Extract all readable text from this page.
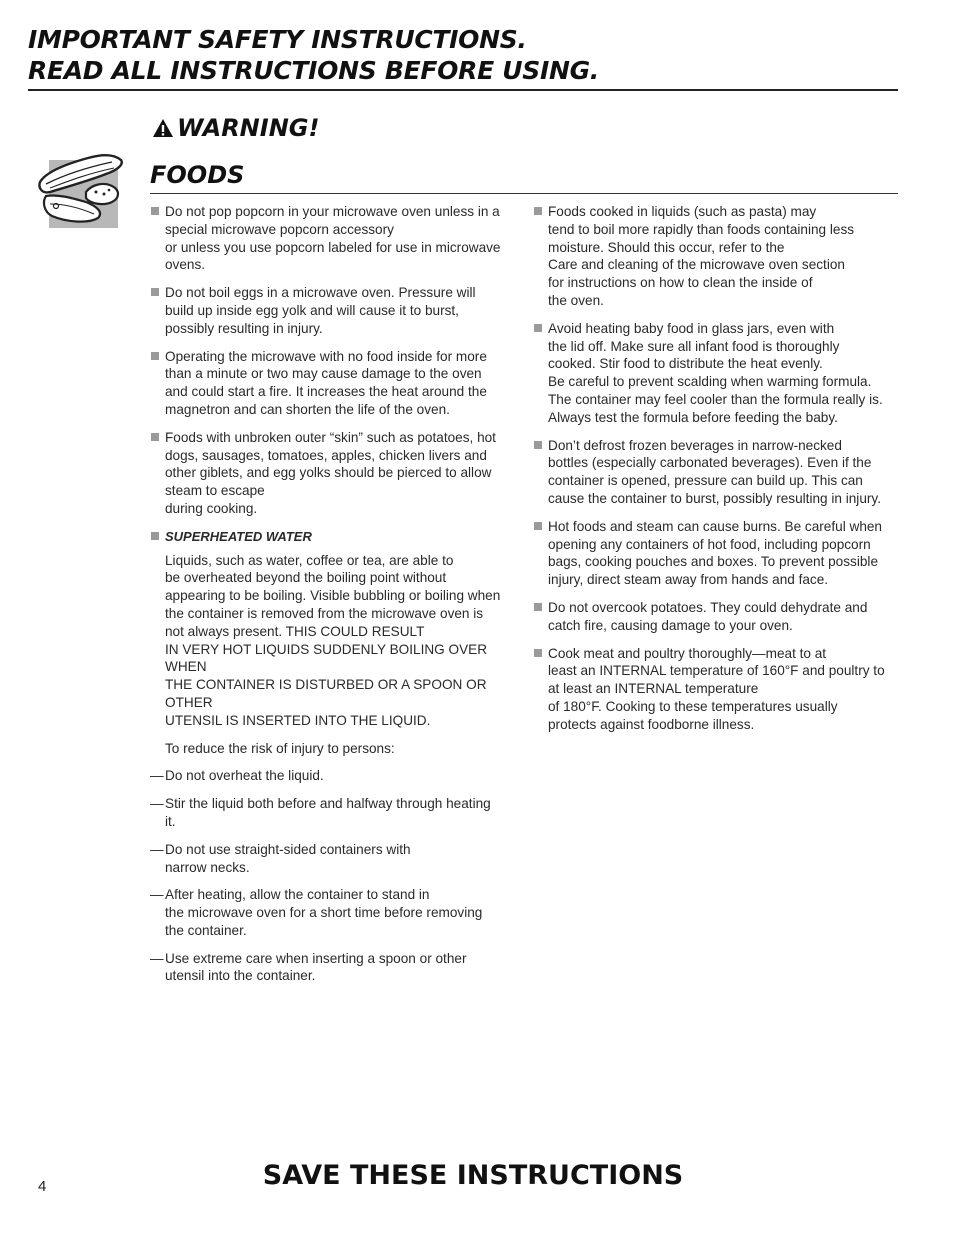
IMPORTANT SAFETY INSTRUCTIONS.
READ ALL INSTRUCTIONS BEFORE USING.
WARNING!
FOODS

Do not pop popcorn in your microwave oven unless in a

special microwave popcorn accessory

or unless you use popcorn labeled for use in microwave

ovens.

Do not boil eggs in a microwave oven. Pressure will

build up inside egg yolk and will cause it to burst,

possibly resulting in injury.

Operating the microwave with no food inside for more

than a minute or two may cause damage to the oven

and could start a fire. It increases the heat around the

magnetron and can shorten the life of the oven.

Foods with unbroken outer “skin” such as potatoes, hot

dogs, sausages, tomatoes, apples, chicken livers and

other giblets, and egg yolks should be pierced to allow

steam to escape

during cooking.

SUPERHEATED WATER

Liquids, such as water, coffee or tea, are able to

be overheated beyond the boiling point without

appearing to be boiling. Visible bubbling or boiling when

the container is removed from the microwave oven is

not always present. THIS COULD RESULT

IN VERY HOT LIQUIDS SUDDENLY BOILING OVER WHEN

THE CONTAINER IS DISTURBED OR A SPOON OR OTHER

UTENSIL IS INSERTED INTO THE LIQUID.

To reduce the risk of injury to persons:

— Do not overheat the liquid.

— Stir the liquid both before and halfway through heating

it.

— Do not use straight-sided containers with

narrow necks.

— After heating, allow the container to stand in

the microwave oven for a short time before removing

the container.

— Use extreme care when inserting a spoon or other

utensil into the container.

Foods cooked in liquids (such as pasta) may

tend to boil more rapidly than foods containing less

moisture. Should this occur, refer to the

Care and cleaning of the microwave oven section

for instructions on how to clean the inside of

the oven.

Avoid heating baby food in glass jars, even with

the lid off. Make sure all infant food is thoroughly

cooked. Stir food to distribute the heat evenly.

Be careful to prevent scalding when warming formula.

The container may feel cooler than the formula really is.

Always test the formula before feeding the baby.

Don’t defrost frozen beverages in narrow-necked

bottles (especially carbonated beverages). Even if the

container is opened, pressure can build up. This can

cause the container to burst, possibly resulting in injury.

Hot foods and steam can cause burns. Be careful when

opening any containers of hot food, including popcorn

bags, cooking pouches and boxes. To prevent possible

injury, direct steam away from hands and face.

Do not overcook potatoes. They could dehydrate and

catch fire, causing damage to your oven.

Cook meat and poultry thoroughly—meat to at

least an INTERNAL temperature of 160°F and poultry to

at least an INTERNAL temperature

of 180°F. Cooking to these temperatures usually

protects against foodborne illness.

4	SAVE THESE INSTRUCTIONS
